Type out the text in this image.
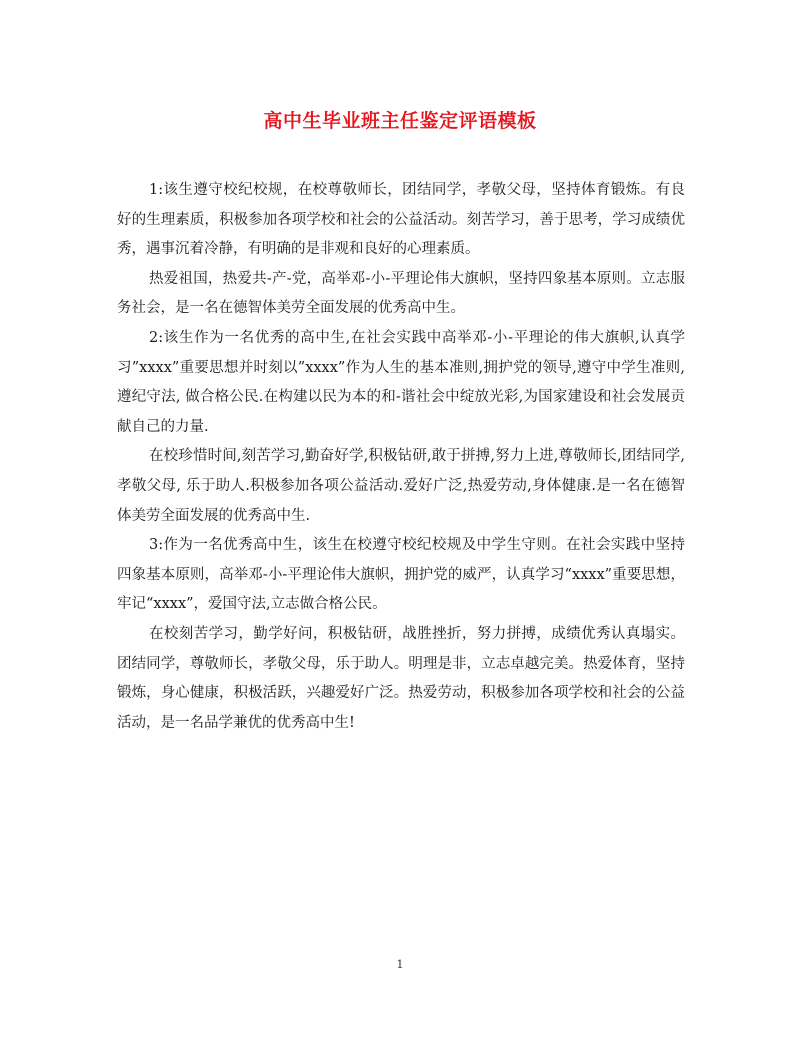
高中生毕业班主任鉴定评语模板

1:该生遵守校纪校规，在校尊敬师长，团结同学，孝敬父母，坚持体育锻炼。有良好的生理素质，积极参加各项学校和社会的公益活动。刻苦学习，善于思考，学习成绩优秀，遇事沉着冷静，有明确的是非观和良好的心理素质。

热爱祖国，热爱共-产-党，高举邓-小-平理论伟大旗帜，坚持四象基本原则。立志服务社会，是一名在德智体美劳全面发展的优秀高中生。

2:该生作为一名优秀的高中生,在社会实践中高举邓-小-平理论的伟大旗帜,认真学习”xxxx”重要思想并时刻以”xxxx”作为人生的基本准则,拥护党的领导,遵守中学生准则,遵纪守法, 做合格公民.在构建以民为本的和-谐社会中绽放光彩,为国家建设和社会发展贡献自己的力量.

在校珍惜时间,刻苦学习,勤奋好学,积极钻研,敢于拼搏,努力上进,尊敬师长,团结同学,孝敬父母, 乐于助人.积极参加各项公益活动.爱好广泛,热爱劳动,身体健康.是一名在德智体美劳全面发展的优秀高中生.

3:作为一名优秀高中生，该生在校遵守校纪校规及中学生守则。在社会实践中坚持四象基本原则，高举邓-小-平理论伟大旗帜，拥护党的威严，认真学习“xxxx”重要思想，牢记“xxxx”，爱国守法,立志做合格公民。

在校刻苦学习，勤学好问，积极钻研，战胜挫折，努力拼搏，成绩优秀认真塌实。团结同学，尊敬师长，孝敬父母，乐于助人。明理是非，立志卓越完美。热爱体育，坚持锻炼，身心健康，积极活跃，兴趣爱好广泛。热爱劳动，积极参加各项学校和社会的公益活动，是一名品学兼优的优秀高中生!

1
